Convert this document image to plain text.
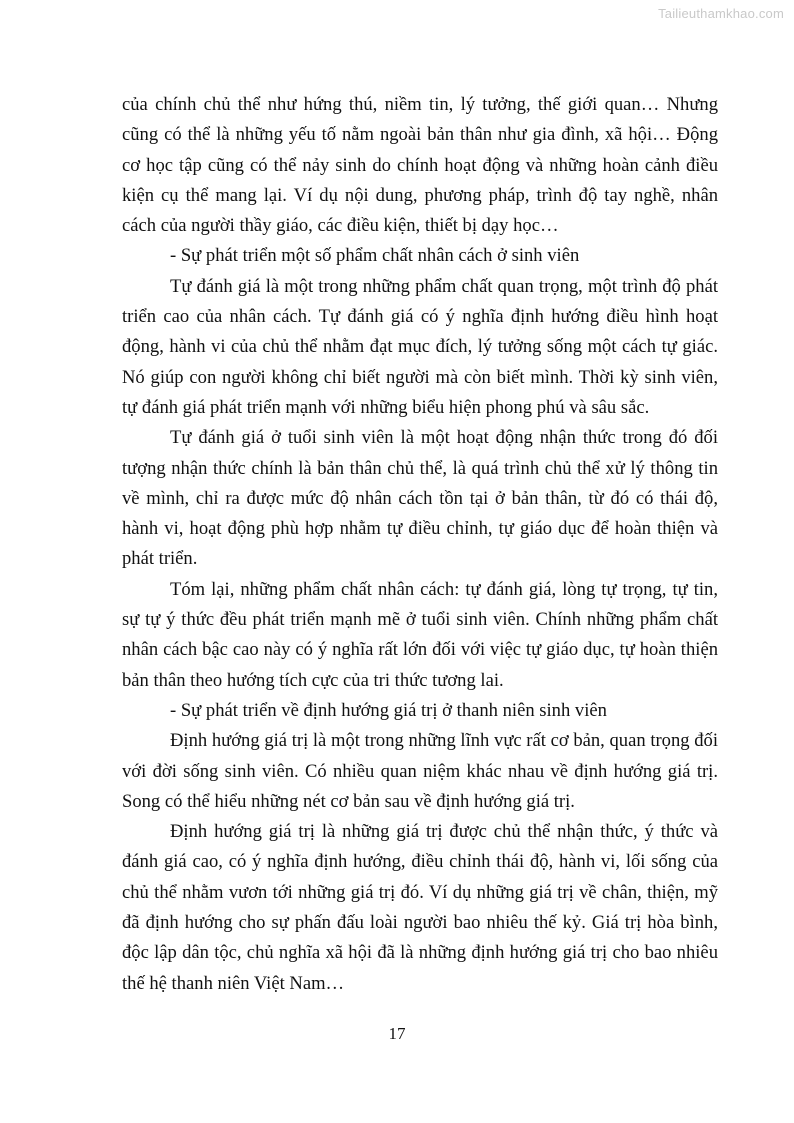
Tailieuthamkhao.com

của chính chủ thể như hứng thú, niềm tin, lý tưởng, thế giới quan… Nhưng cũng có thể là những yếu tố nằm ngoài bản thân như gia đình, xã hội… Động cơ học tập cũng có thể nảy sinh do chính hoạt động và những hoàn cảnh điều kiện cụ thể mang lại. Ví dụ nội dung, phương pháp, trình độ tay nghề, nhân cách của người thầy giáo, các điều kiện, thiết bị dạy học…

- Sự phát triển một số phẩm chất nhân cách ở sinh viên

Tự đánh giá là một trong những phẩm chất quan trọng, một trình độ phát triển cao của nhân cách. Tự đánh giá có ý nghĩa định hướng điều hình hoạt động, hành vi của chủ thể nhằm đạt mục đích, lý tưởng sống một cách tự giác. Nó giúp con người không chỉ biết người mà còn biết mình. Thời kỳ sinh viên, tự đánh giá phát triển mạnh với những biểu hiện phong phú và sâu sắc.

Tự đánh giá ở tuổi sinh viên là một hoạt động nhận thức trong đó đối tượng nhận thức chính là bản thân chủ thể, là quá trình chủ thể xử lý thông tin về mình, chỉ ra được mức độ nhân cách tồn tại ở bản thân, từ đó có thái độ, hành vi, hoạt động phù hợp nhằm tự điều chỉnh, tự giáo dục để hoàn thiện và phát triển.

Tóm lại, những phẩm chất nhân cách: tự đánh giá, lòng tự trọng, tự tin, sự tự ý thức đều phát triển mạnh mẽ ở tuổi sinh viên. Chính những phẩm chất nhân cách bậc cao này có ý nghĩa rất lớn đối với việc tự giáo dục, tự hoàn thiện bản thân theo hướng tích cực của tri thức tương lai.

- Sự phát triển về định hướng giá trị ở thanh niên sinh viên

Định hướng giá trị là một trong những lĩnh vực rất cơ bản, quan trọng đối với đời sống sinh viên. Có nhiều quan niệm khác nhau về định hướng giá trị. Song có thể hiểu những nét cơ bản sau về định hướng giá trị.

Định hướng giá trị là những giá trị được chủ thể nhận thức, ý thức và đánh giá cao, có ý nghĩa định hướng, điều chỉnh thái độ, hành vi, lối sống của chủ thể nhằm vươn tới những giá trị đó. Ví dụ những giá trị về chân, thiện, mỹ đã định hướng cho sự phấn đấu loài người bao nhiêu thế kỷ. Giá trị hòa bình, độc lập dân tộc, chủ nghĩa xã hội đã là những định hướng giá trị cho bao nhiêu thế hệ thanh niên Việt Nam…

17
